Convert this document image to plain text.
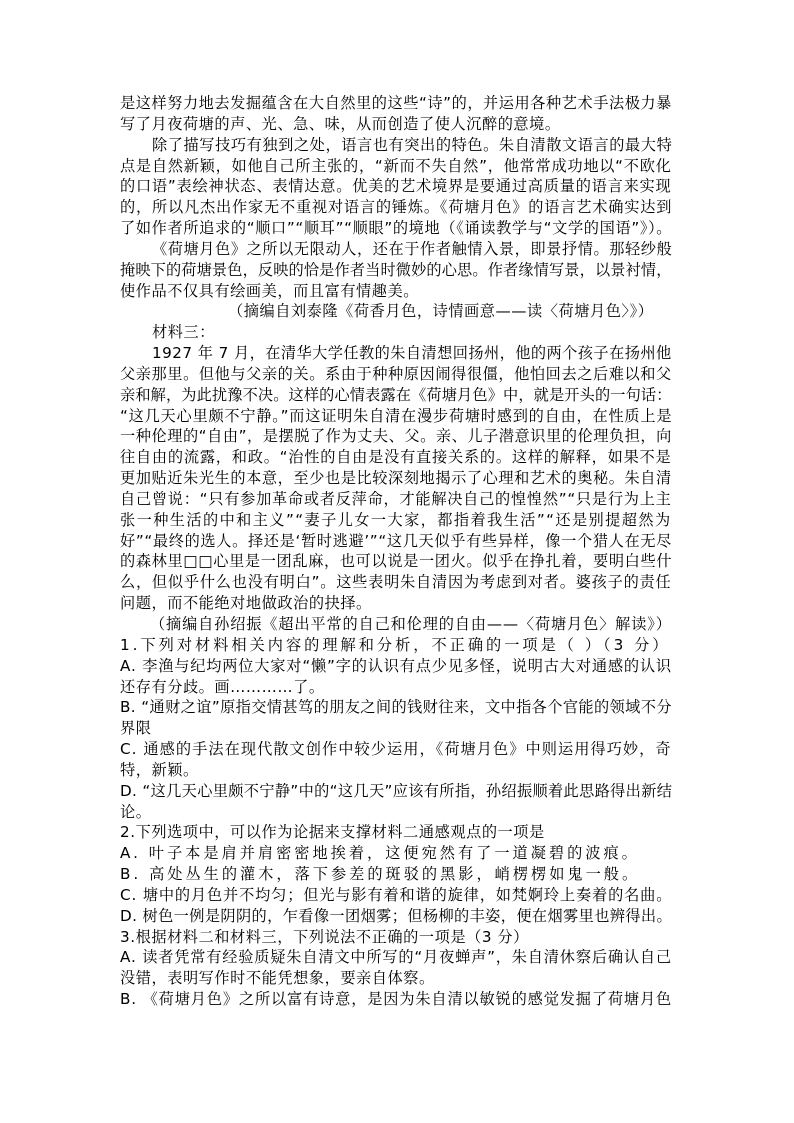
是这样努力地去发掘蕴含在大自然里的这些“诗”的，并运用各种艺术手法极力暴
写了月夜荷塘的声、光、急、味，从而创造了使人沉醉的意境。
除了描写技巧有独到之处，语言也有突出的特色。朱自清散文语言的最大特
点是自然新颖，如他自己所主张的，“新而不失自然”，他常常成功地以“不欧化
的口语”表绘神状态、表情达意。优美的艺术境界是要通过高质量的语言来实现
的，所以凡杰出作家无不重视对语言的锤炼。《荷塘月色》的语言艺术确实达到
了如作者所追求的“顺口”“顺耳”“顺眼”的境地（《诵读教学与“文学的国语”》）。
《荷塘月色》之所以无限动人，还在于作者触情入景，即景抒情。那轻纱般
掩映下的荷塘景色，反映的恰是作者当时微妙的心思。作者缘情写景，以景衬情，
使作品不仅具有绘画美，而且富有情趣美。
（摘编自刘泰隆《荷香月色，诗情画意——读〈荷塘月色〉》）
材料三：
1927 年 7 月，在清华大学任教的朱自清想回扬州，他的两个孩子在扬州他
父亲那里。但他与父亲的关。系由于种种原因闹得很僵，他怕回去之后难以和父
亲和解，为此扰豫不决。这样的心情表露在《荷塘月色》中，就是开头的一句话：
“这几天心里颇不宁静。”而这证明朱自清在漫步荷塘时感到的自由，在性质上是
一种伦理的“自由”，是摆脱了作为丈夫、父。亲、儿子潜意识里的伦理负担，向
往自由的流露，和政。“治性的自由是没有直接关系的。这样的解释，如果不是
更加贴近朱光生的本意，至少也是比较深刻地揭示了心理和艺术的奥秘。朱自清
自己曾说：“只有参加革命或者反萍命，才能解决自己的惶惶然”“只是行为上主
张一种生活的中和主义”“妻子儿女一大家，都指着我生活”“还是别提超然为
好”“最终的选人。择还是‘暂时逃避’”“这几天似乎有些异样，像一个猎人在无尽
的森林里□□心里是一团乱麻，也可以说是一团火。似乎在挣扎着，要明白些什
么，但似乎什么也没有明白”。这些表明朱自清因为考虑到对者。婆孩子的责任
问题，而不能绝对地做政治的抉择。
（摘编自孙绍振《超出平常的自己和伦理的自由——〈荷塘月色〉解读》）
1.下列对材料相关内容的理解和分析，不正确的一项是（ ）（3 分）
A. 李渔与纪均两位大家对“懒”字的认识有点少见多怪，说明古大对通感的认识
还存有分歧。画…………了。
B. “通财之谊”原指交情甚笃的朋友之间的钱财往来，文中指各个官能的领域不分
界限
C. 通感的手法在现代散文创作中较少运用，《荷塘月色》中则运用得巧妙，奇
特，新颖。
D. “这几天心里颇不宁静”中的“这几天”应该有所指，孙绍振顺着此思路得出新结
论。
2.下列选项中，可以作为论据来支撑材料二通感观点的一项是
A. 叶子本是肩并肩密密地挨着，这便宛然有了一道凝碧的波痕。
B. 高处丛生的灌木，落下参差的斑驳的黑影，峭楞楞如鬼一般。
C. 塘中的月色并不均匀；但光与影有着和谐的旋律，如梵婀玲上奏着的名曲。
D. 树色一例是阴阴的，乍看像一团烟雾；但杨柳的丰姿，便在烟雾里也辨得出。
3.根据材料二和材料三，下列说法不正确的一项是（3 分）
A. 读者凭常有经验质疑朱自清文中所写的“月夜蝉声”，朱自清休察后确认自己
没错，表明写作时不能凭想象，要亲自体察。
B. 《荷塘月色》之所以富有诗意，是因为朱自清以敏锐的感觉发掘了荷塘月色
